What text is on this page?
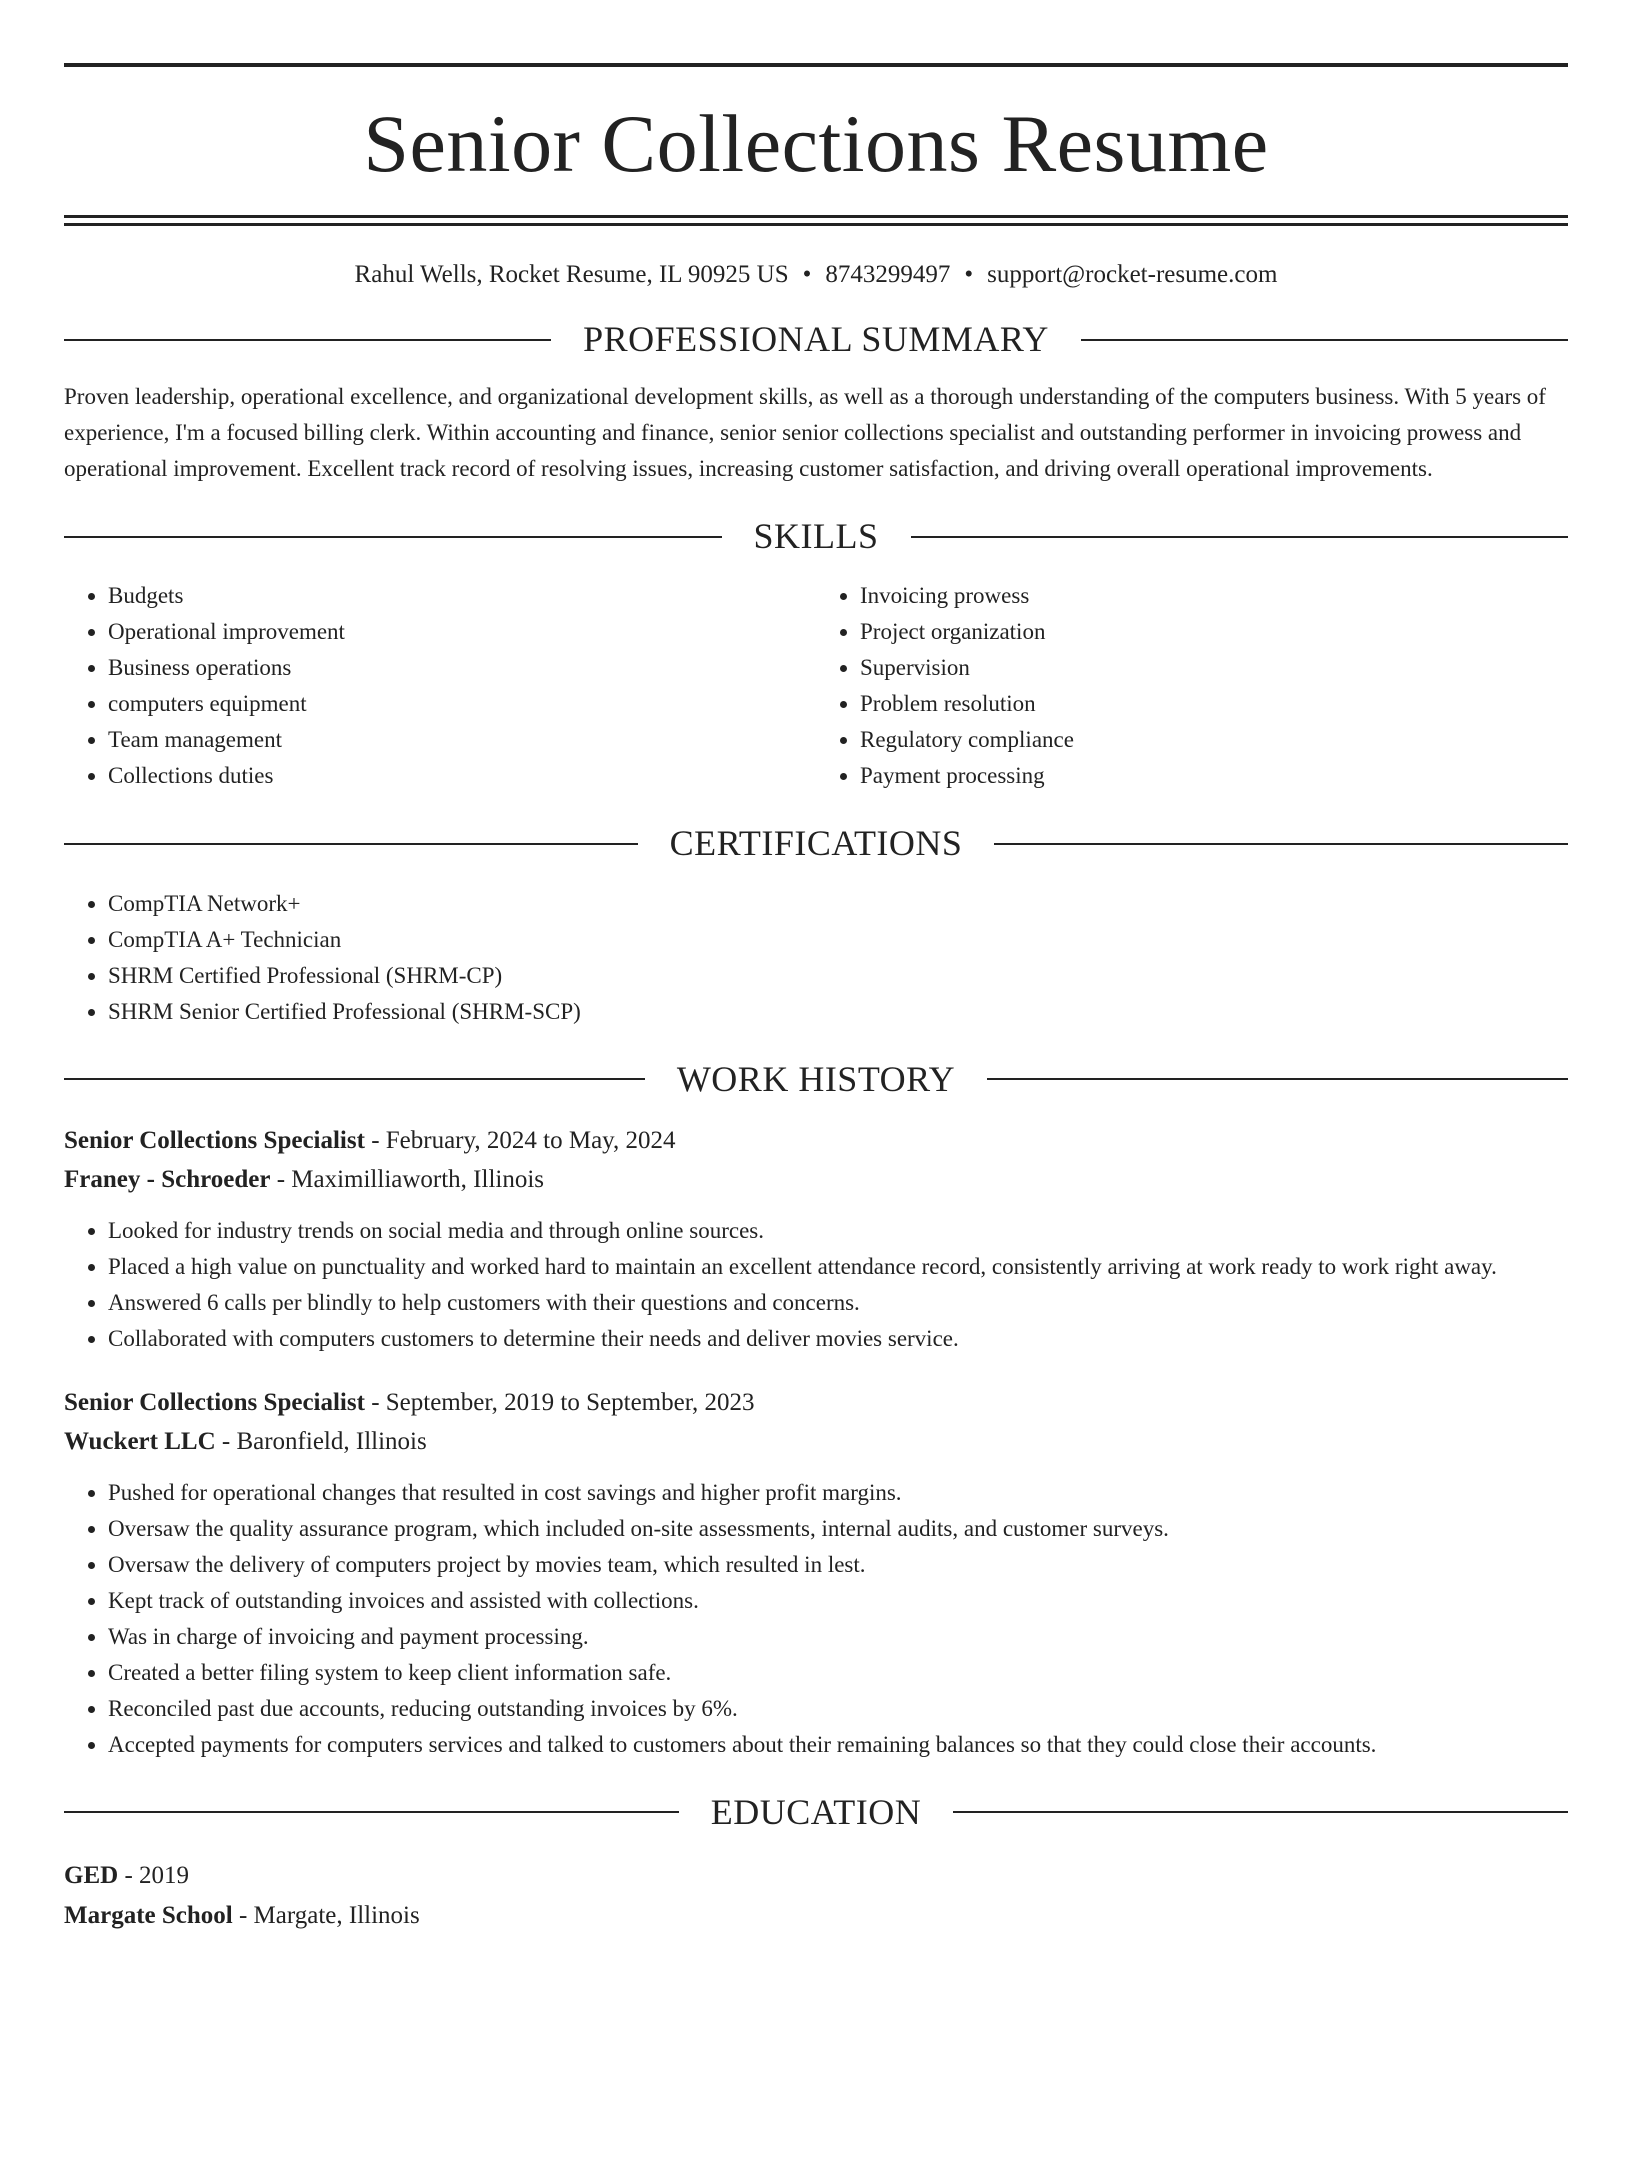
Senior Collections Resume
Rahul Wells, Rocket Resume, IL 90925 US • 8743299497 • support@rocket-resume.com
PROFESSIONAL SUMMARY

Proven leadership, operational excellence, and organizational development skills, as well as a thorough understanding of the computers business. With 5 years of experience, I'm a focused billing clerk. Within accounting and finance, senior senior collections specialist and outstanding performer in invoicing prowess and operational improvement. Excellent track record of resolving issues, increasing customer satisfaction, and driving overall operational improvements.

SKILLS
• Budgets
• Operational improvement
• Business operations
• computers equipment
• Team management
• Collections duties
• Invoicing prowess
• Project organization
• Supervision
• Problem resolution
• Regulatory compliance
• Payment processing
CERTIFICATIONS
• CompTIA Network+
• CompTIA A+ Technician
• SHRM Certified Professional (SHRM-CP)
• SHRM Senior Certified Professional (SHRM-SCP)
WORK HISTORY
Senior Collections Specialist - February, 2024 to May, 2024
Franey - Schroeder - Maximilliaworth, Illinois
• Looked for industry trends on social media and through online sources.
• Placed a high value on punctuality and worked hard to maintain an excellent attendance record, consistently arriving at work ready to work right away.
• Answered 6 calls per blindly to help customers with their questions and concerns.
• Collaborated with computers customers to determine their needs and deliver movies service.
Senior Collections Specialist - September, 2019 to September, 2023
Wuckert LLC - Baronfield, Illinois
• Pushed for operational changes that resulted in cost savings and higher profit margins.
• Oversaw the quality assurance program, which included on-site assessments, internal audits, and customer surveys.
• Oversaw the delivery of computers project by movies team, which resulted in lest.
• Kept track of outstanding invoices and assisted with collections.
• Was in charge of invoicing and payment processing.
• Created a better filing system to keep client information safe.
• Reconciled past due accounts, reducing outstanding invoices by 6%.
• Accepted payments for computers services and talked to customers about their remaining balances so that they could close their accounts.
EDUCATION
GED - 2019
Margate School - Margate, Illinois
